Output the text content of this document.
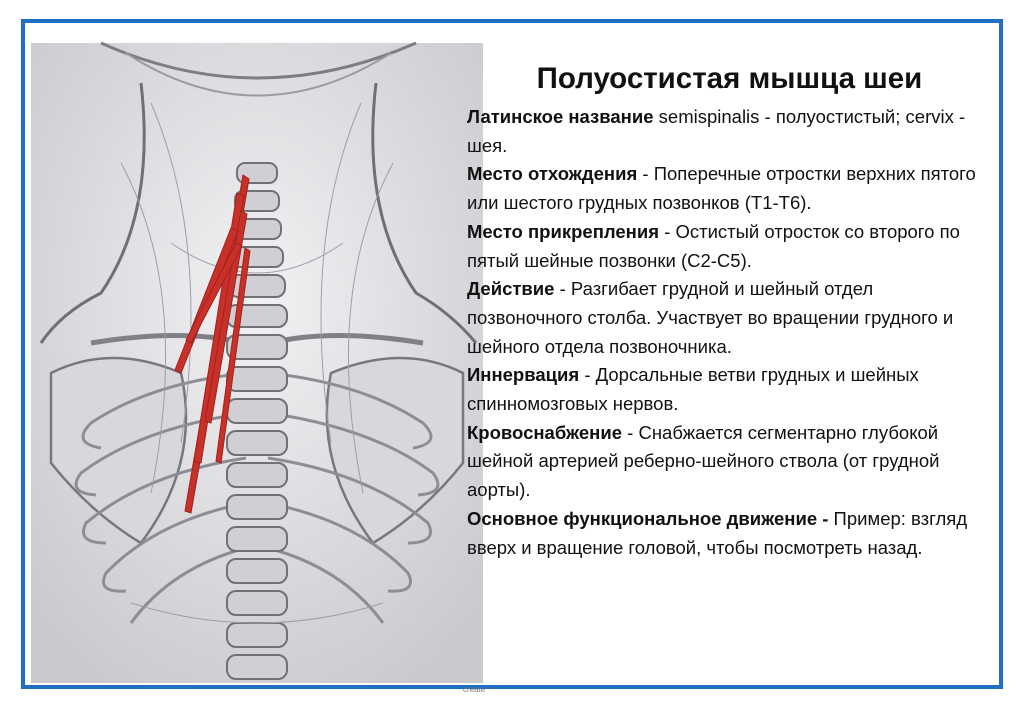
create
Полуостистая мышца шеи
Латинское название semispinalis - полуостистый; cervix - шея.
Место отхождения - Поперечные отростки верхних пятого или шестого грудных позвонков (Т1-Т6).
Место прикрепления - Остистый отросток со второго по пятый шейные позвонки (С2-С5).
Действие - Разгибает грудной и шейный отдел позвоночного столба. Участвует во вращении грудного и шейного отдела позвоночника.
Иннервация - Дорсальные ветви грудных и шейных спинномозговых нервов.
Кровоснабжение - Снабжается сегментарно глубокой шейной артерией реберно-шейного ствола (от грудной аорты).
Основное функциональное движение - Пример: взгляд вверх и вращение головой, чтобы посмотреть назад.
